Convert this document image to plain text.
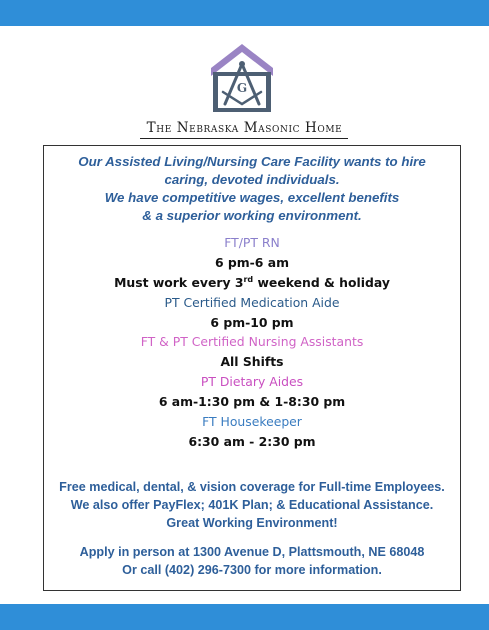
G
The Nebraska Masonic Home
Our Assisted Living/Nursing Care Facility wants to hire
caring, devoted individuals.
We have competitive wages, excellent benefits
& a superior working environment.
FT/PT RN
6 pm-6 am
Must work every 3rd weekend & holiday
PT Certified Medication Aide
6 pm-10 pm
FT & PT Certified Nursing Assistants
All Shifts
PT Dietary Aides
6 am-1:30 pm & 1-8:30 pm
FT Housekeeper
6:30 am - 2:30 pm
Free medical, dental, & vision coverage for Full-time Employees.
We also offer PayFlex; 401K Plan; & Educational Assistance.
Great Working Environment!
Apply in person at 1300 Avenue D, Plattsmouth, NE 68048
Or call (402) 296-7300 for more information.
